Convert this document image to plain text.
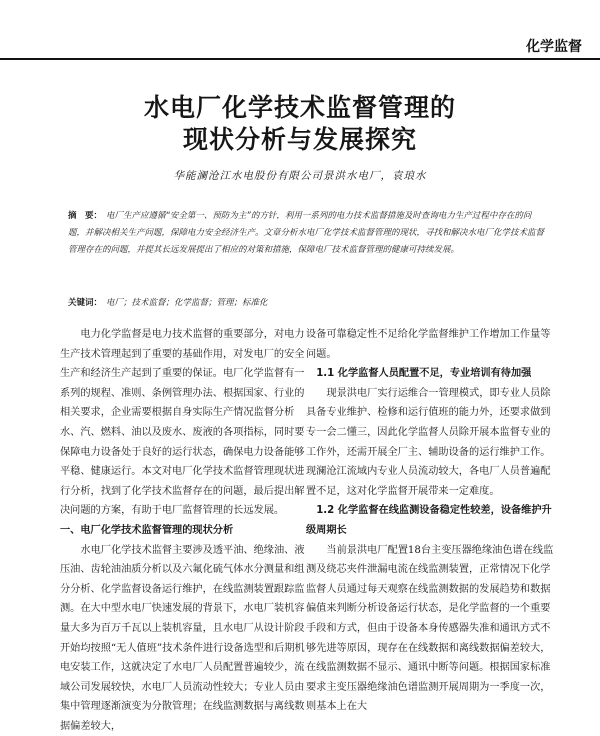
化学监督
水电厂化学技术监督管理的
现状分析与发展探究
华能澜沧江水电股份有限公司景洪水电厂，袁琅水
摘　要： 电厂生产应遵循“安全第一、预防为主”的方针，利用一系列的电力技术监督措施及时查询电力生产过程中存在的问题，并解决相关生产问题，保障电力安全经济生产。文章分析水电厂化学技术监督管理的现状，寻找和解决水电厂化学技术监督管理存在的问题，并提其长远发展提出了相应的对策和措施，保障电厂技术监督管理的健康可持续发展。
关键词： 电厂；技术监督；化学监督；管理；标准化

电力化学监督是电力技术监督的重要部分，对电力生产技术管理起到了重要的基础作用，对发电厂的安全生产和经济生产起到了重要的保证。电厂化学监督有一系列的规程、准则、条例管理办法、根据国家、行业的相关要求，企业需要根据自身实际生产情况监督分析水、汽、燃料、油以及废水、废液的各项指标，同时要保障电力设备处于良好的运行状态，确保电力设备能够平稳、健康运行。本文对电厂化学技术监督管理现状进行分析，找到了化学技术监督存在的问题，最后提出解决问题的方案，有助于电厂监督管理的长远发展。

一、电厂化学技术监督管理的现状分析

水电厂化学技术监督主要涉及透平油、绝缘油、液压油、齿轮油油质分析以及六氟化硫气体水分测量和组分分析、化学监督设备运行维护，在线监测装置跟踪监测。在大中型水电厂快速发展的背景下，水电厂装机容量大多为百万千瓦以上装机容量，且水电厂从设计阶段开始均按照“无人值班”技术条件进行设备选型和后期机电安装工作，这就决定了水电厂人员配置普遍较少，流域公司发展较快，水电厂人员流动性较大；专业人员由集中管理逐渐演变为分散管理；在线监测数据与离线数据偏差较大，

设备可靠稳定性不足给化学监督维护工作增加工作量等问题。

1.1 化学监督人员配置不足，专业培训有待加强

现景洪电厂实行运维合一管理模式，即专业人员除具备专业维护、检修和运行值班的能力外，还要求做到专一会二懂三，因此化学监督人员除开展本监督专业的工作外，还需开展全厂主、辅助设备的运行维护工作。现澜沧江流域内专业人员流动较大，各电厂人员普遍配置不足，这对化学监督开展带来一定难度。

1.2 化学监督在线监测设备稳定性较差，设备维护升级周期长

当前景洪电厂配置18台主变压器绝缘油色谱在线监测及绕芯夹件泄漏电流在线监测装置，正常情况下化学监督人员通过每天观察在线监测数据的发展趋势和数据偏值来判断分析设备运行状态，是化学监督的一个重要手段和方式，但由于设备本身传感器失准和通讯方式不够先进等原因，现存在在线数据和离线数据偏差较大，在线监测数据不显示、通讯中断等问题。根据国家标准要求主变压器绝缘油色谱监测开展周期为一季度一次，则基本上在大
